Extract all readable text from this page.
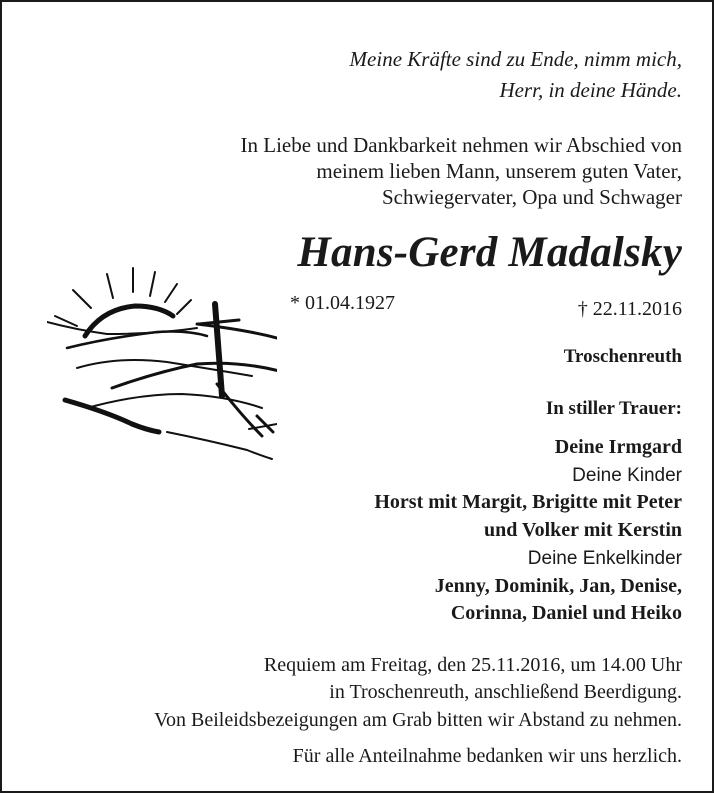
Meine Kräfte sind zu Ende, nimm mich,
Herr, in deine Hände.
In Liebe und Dankbarkeit nehmen wir Abschied von
meinem lieben Mann, unserem guten Vater,
Schwiegervater, Opa und Schwager
Hans-Gerd Madalsky
* 01.04.1927	† 22.11.2016
Troschenreuth
In stiller Trauer:
Deine Irmgard
Deine Kinder
Horst mit Margit, Brigitte mit Peter
und Volker mit Kerstin
Deine Enkelkinder
Jenny, Dominik, Jan, Denise,
Corinna, Daniel und Heiko
Requiem am Freitag, den 25.11.2016, um 14.00 Uhr
in Troschenreuth, anschließend Beerdigung.
Von Beileidsbezeigungen am Grab bitten wir Abstand zu nehmen.
Für alle Anteilnahme bedanken wir uns herzlich.
